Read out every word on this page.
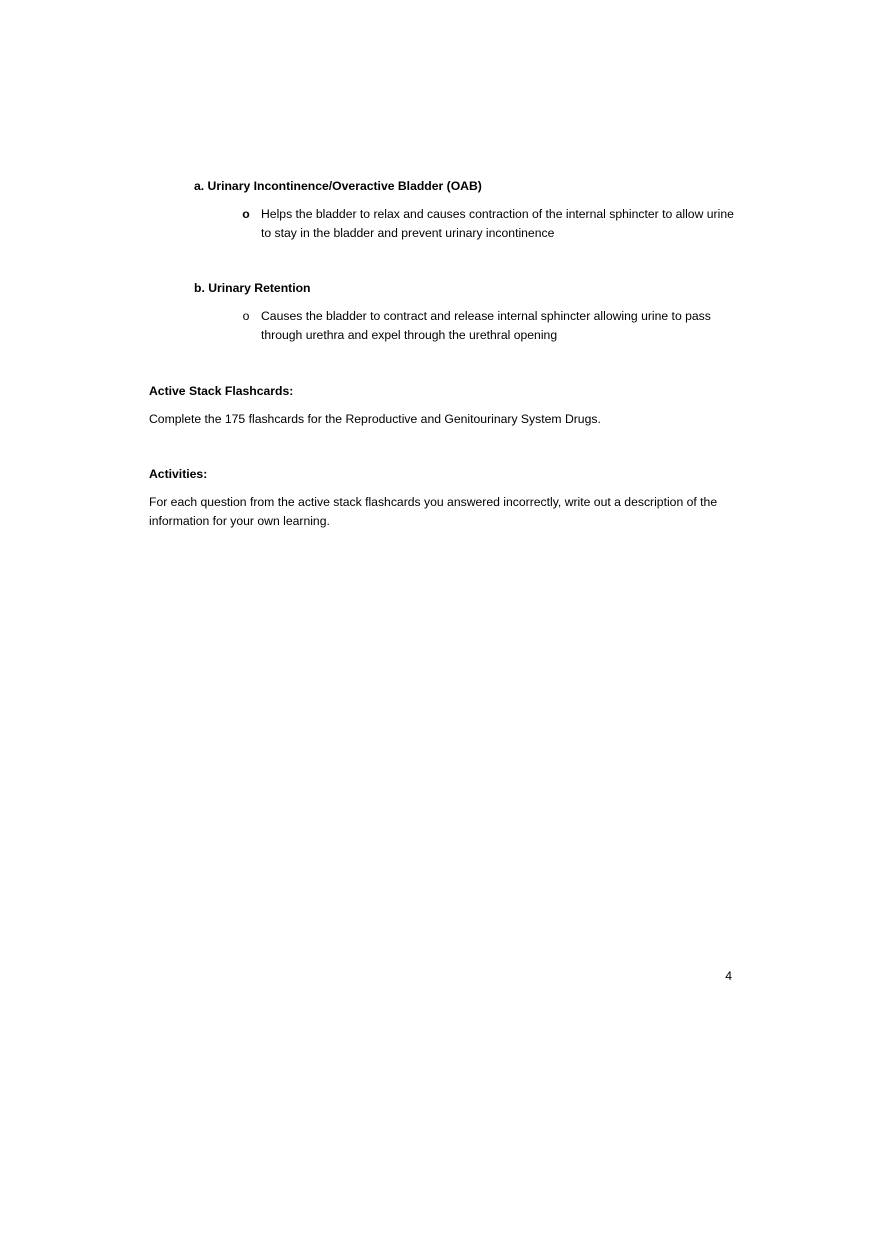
a. Urinary Incontinence/Overactive Bladder (OAB)
o Helps the bladder to relax and causes contraction of the internal sphincter to allow urine to stay in the bladder and prevent urinary incontinence
b. Urinary Retention
o Causes the bladder to contract and release internal sphincter allowing urine to pass through urethra and expel through the urethral opening
Active Stack Flashcards:
Complete the 175 flashcards for the Reproductive and Genitourinary System Drugs.
Activities:
For each question from the active stack flashcards you answered incorrectly, write out a description of the information for your own learning.
4
